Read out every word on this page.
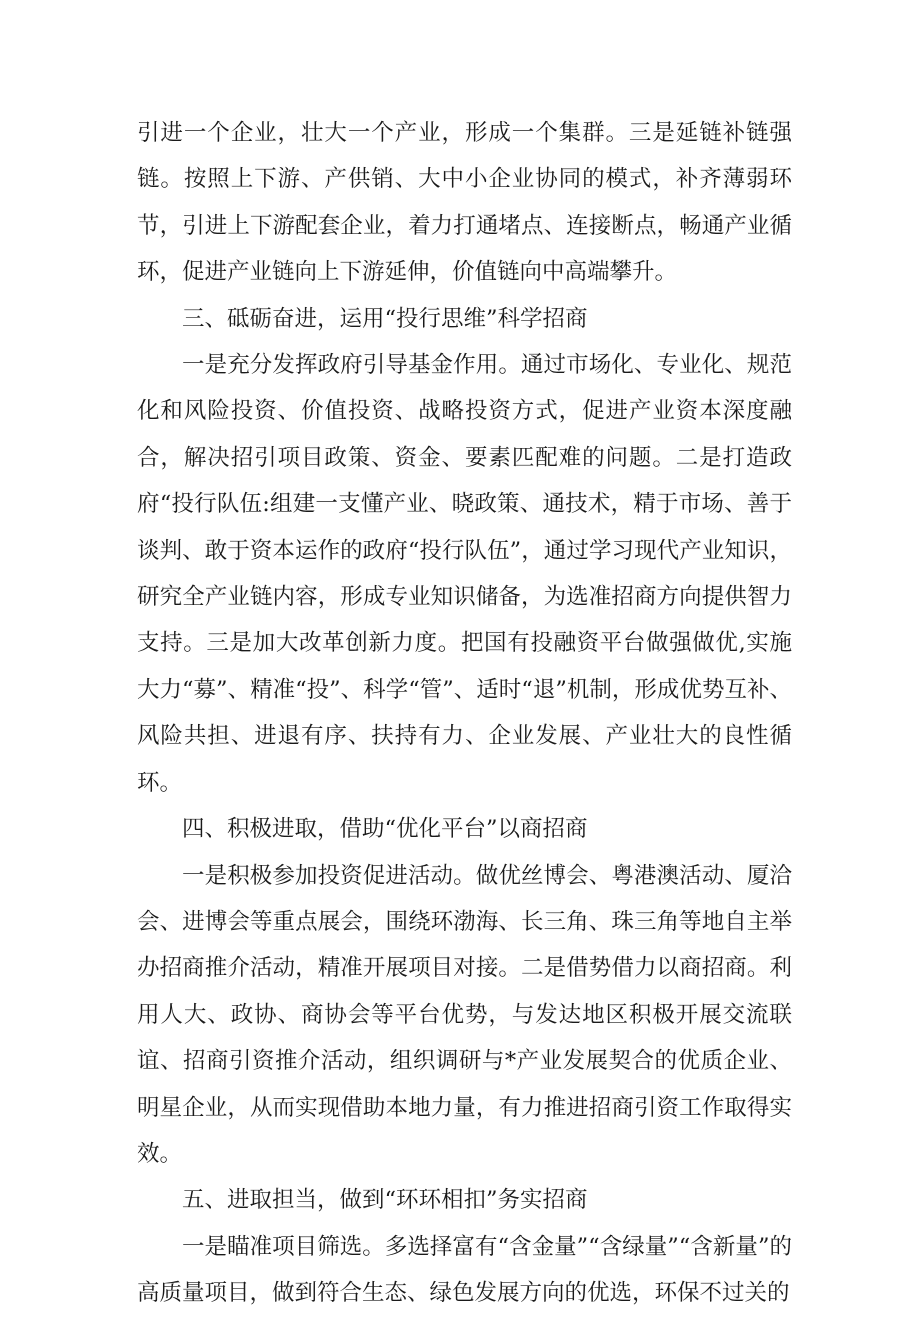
引进一个企业，壮大一个产业，形成一个集群。三是延链补链强链。按照上下游、产供销、大中小企业协同的模式，补齐薄弱环节，引进上下游配套企业，着力打通堵点、连接断点，畅通产业循环，促进产业链向上下游延伸，价值链向中高端攀升。

三、砥砺奋进，运用“投行思维”科学招商

一是充分发挥政府引导基金作用。通过市场化、专业化、规范化和风险投资、价值投资、战略投资方式，促进产业资本深度融合，解决招引项目政策、资金、要素匹配难的问题。二是打造政府“投行队伍:组建一支懂产业、晓政策、通技术，精于市场、善于谈判、敢于资本运作的政府“投行队伍”，通过学习现代产业知识，研究全产业链内容，形成专业知识储备，为选准招商方向提供智力支持。三是加大改革创新力度。把国有投融资平台做强做优,实施大力“募”、精准“投”、科学“管”、适时“退”机制，形成优势互补、风险共担、进退有序、扶持有力、企业发展、产业壮大的良性循环。

四、积极进取，借助“优化平台”以商招商

一是积极参加投资促进活动。做优丝博会、粤港澳活动、厦洽会、进博会等重点展会，围绕环渤海、长三角、珠三角等地自主举办招商推介活动，精准开展项目对接。二是借势借力以商招商。利用人大、政协、商协会等平台优势，与发达地区积极开展交流联谊、招商引资推介活动，组织调研与*产业发展契合的优质企业、明星企业，从而实现借助本地力量，有力推进招商引资工作取得实效。

五、进取担当，做到“环环相扣”务实招商

一是瞄准项目筛选。多选择富有“含金量”“含绿量”“含新量”的高质量项目，做到符合生态、绿色发展方向的优选，环保不过关的
